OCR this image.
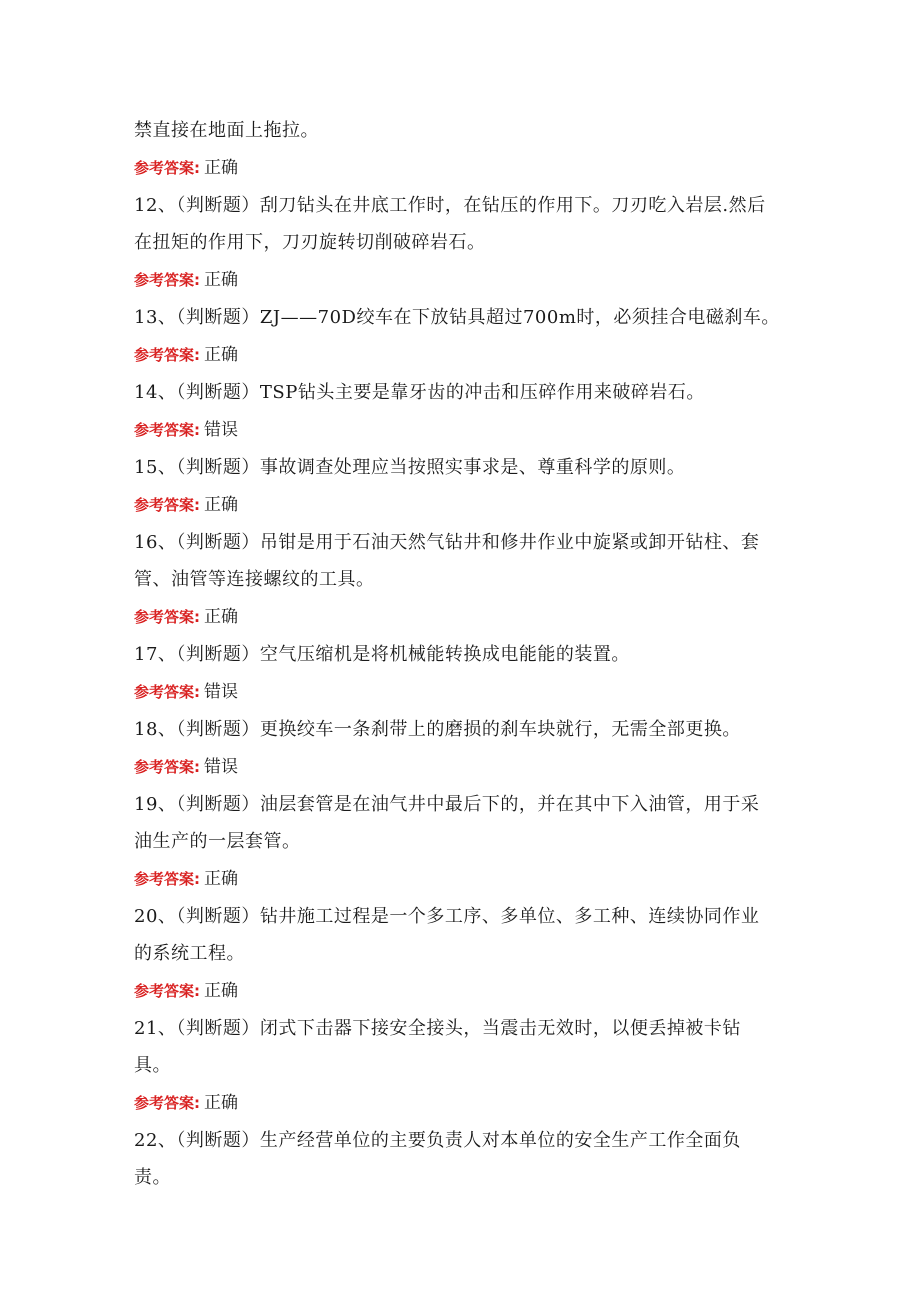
禁直接在地面上拖拉。
参考答案: 正确
12、（判断题）刮刀钻头在井底工作时，在钻压的作用下。刀刃吃入岩层.然后
在扭矩的作用下，刀刃旋转切削破碎岩石。
参考答案: 正确
13、（判断题）ZJ——70D绞车在下放钻具超过700m时，必须挂合电磁刹车。
参考答案: 正确
14、（判断题）TSP钻头主要是靠牙齿的冲击和压碎作用来破碎岩石。
参考答案: 错误
15、（判断题）事故调查处理应当按照实事求是、尊重科学的原则。
参考答案: 正确
16、（判断题）吊钳是用于石油天然气钻井和修井作业中旋紧或卸开钻柱、套
管、油管等连接螺纹的工具。
参考答案: 正确
17、（判断题）空气压缩机是将机械能转换成电能能的装置。
参考答案: 错误
18、（判断题）更换绞车一条刹带上的磨损的刹车块就行，无需全部更换。
参考答案: 错误
19、（判断题）油层套管是在油气井中最后下的，并在其中下入油管，用于采
油生产的一层套管。
参考答案: 正确
20、（判断题）钻井施工过程是一个多工序、多单位、多工种、连续协同作业
的系统工程。
参考答案: 正确
21、（判断题）闭式下击器下接安全接头，当震击无效时，以便丢掉被卡钻
具。
参考答案: 正确
22、（判断题）生产经营单位的主要负责人对本单位的安全生产工作全面负
责。
